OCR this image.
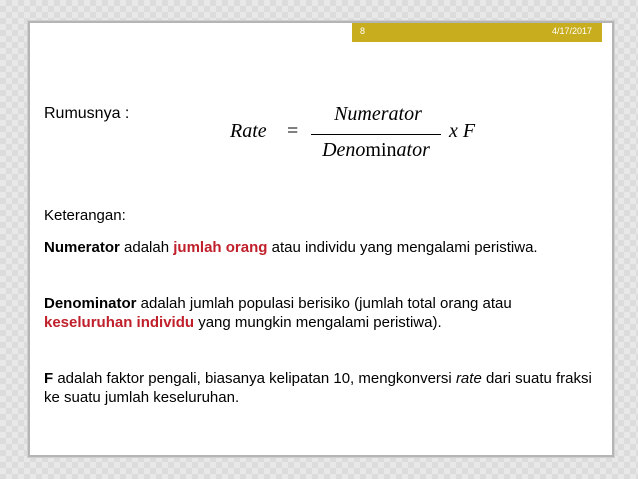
8	4/17/2017
Rumusnya :
Rate =
Numerator
Denominator
x F
Keterangan:
Numerator adalah jumlah orang atau individu yang mengalami peristiwa.
Denominator adalah jumlah populasi berisiko (jumlah total orang atau keseluruhan individu yang mungkin mengalami peristiwa).
F adalah faktor pengali, biasanya kelipatan 10, mengkonversi rate dari suatu fraksi ke suatu jumlah keseluruhan.
